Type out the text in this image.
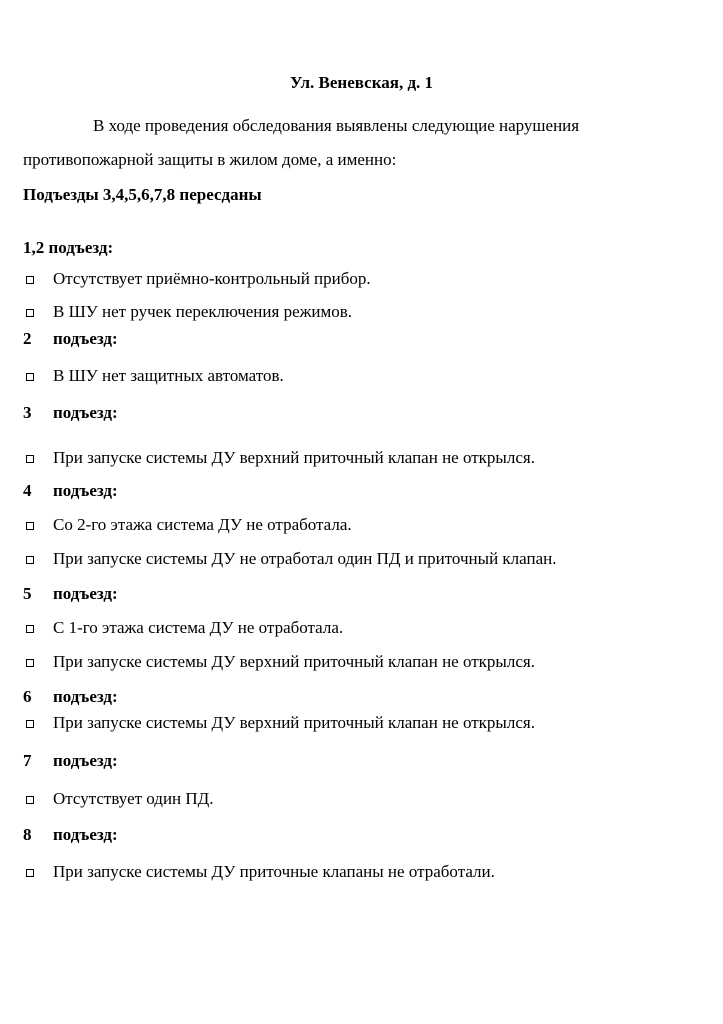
Ул. Веневская, д. 1
В ходе проведения обследования выявлены следующие нарушения
противопожарной защиты в жилом доме, а именно:
Подъезды 3,4,5,6,7,8 пересданы
1,2 подъезд:
Отсутствует приёмно-контрольный прибор.
В ШУ нет ручек переключения режимов.
2 подъезд:
В ШУ нет защитных автоматов.
3 подъезд:
При запуске системы ДУ верхний приточный клапан не открылся.
4 подъезд:
Со 2-го этажа система ДУ не отработала.
При запуске системы ДУ не отработал один ПД и приточный клапан.
5 подъезд:
С 1-го этажа система ДУ не отработала.
При запуске системы ДУ верхний приточный клапан не открылся.
6 подъезд:
При запуске системы ДУ верхний приточный клапан не открылся.
7 подъезд:
Отсутствует один ПД.
8 подъезд:
При запуске системы ДУ приточные клапаны не отработали.
